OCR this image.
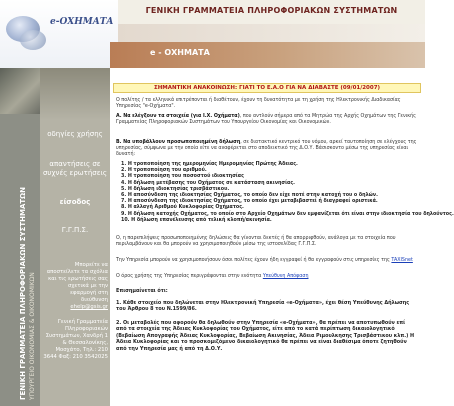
e-ΟΧΗΜΑΤΑ
ΓΕΝΙΚΗ ΓΡΑΜΜΑΤΕΙΑ ΠΛΗΡΟΦΟΡΙΑΚΩΝ ΣΥΣΤΗΜΑΤΩΝ
ΥΠΟΥΡΓΕΙΟ ΟΙΚΟΝΟΜΙΑΣ & ΟΙΚΟΝΟΜΙΚΩΝ
οδηγίες χρήσης
απαντήσεις σε συχνές ερωτήσεις
είσοδος
Γ.Γ.Π.Σ.
Μπορείτε να αποστείλετε τα σχόλια και τις ερωτήσεις σας σχετικά με την εφαρμογή στη διεύθυνση ehelp@gsis.gr
Γενική Γραμματεία Πληροφοριακών Συστημάτων, Χανδρή 1 & Θεσσαλονίκης, Μοσχάτο, Τηλ.: 210 3644 Φαξ: 210 3542025
e - ΟΧΗΜΑΤΑ
ΣΗΜΑΝΤΙΚΗ ΑΝΑΚΟΙΝΩΣΗ: ΓΙΑΤΙ ΤΟ Ε.Α.Ο ΓΙΑ ΝΑ ΔΙΑΒΑΣΤΕ (09/01/2007)
Ο πολίτης / τα ελληνικά επιτρέπονται ή διαθέτουν, έχουν τη δυνατότητα με τη χρήση της Ηλεκτρονικής Διαδικασίας Υπηρεσίας "e-Οχήματα".
Α. Να ελέγξουν τα στοιχεία (για Ι.Χ. Οχήματα), που αντλούν σήμερα από τα Μητρώα της Αρχής Οχημάτων της Γενικής Γραμματείας Πληροφοριακών Συστημάτων του Υπουργείου Οικονομίας και Οικονομικών.
Β. Να υποβάλλουν προσωποποιημένη δήλωση, σε διατακτικό κεντρικό του νόμου, αρκεί ταυτοποίηση σε ελέγχους της υπηρεσίας, σύμφωνα με την οποία είτε να αναφέρεται στο αποδεικτικό της Δ.Ο.Υ. Βάσισκοντο μέσω της υπηρεσίας είναι δυνατή:
1. Η τροποποίηση της ημερομηνίας Ημερομηνίας Πρώτης Άδειας.
2. Η τροποποίηση του αριθμού.
3. Η τροποποίηση του ποσοστού ιδιοκτησίας
4. Η δήλωση μετέβασης του Οχήματος σε κατάσταση ακινησίας.
5. Η δήλωση ιδιοκτησίας τρισβάστικου.
6. Η αποσύνδεση της ιδιοκτησίας Οχήματος, το οποίο δεν είχε ποτέ στην κατοχή του ο δηλών.
7. Η αποσύνδεση της ιδιοκτησίας Οχήματος, το οποίο έχει μεταβιβαστεί ή διαγραφεί οριστικά.
8. Η αλλαγή Αριθμού Κυκλοφορίας Οχήματος.
9. Η δήλωση κατοχής Οχήματος, το οποίο στο Αρχείο Οχημάτων δεν εμφανίζεται ότι είναι στην ιδιοκτησία του δηλούντος.
10. Η δήλωση επανέλευσης από τελική κλοπή/ακινησία.
Ο, η παρεπιλήψεις προσωποποιημένης δηλώσεις θα γίνονται δεκτές ή θα απορριφθούν, ανάλογα με τα στοιχεία που περιλαμβάνουν και θα μπορούν να χρησιμοποιηθούν μέσω της ιστοσελίδας Γ.Γ.Π.Σ.
Την Υπηρεσία μπορούν να χρησιμοποιήσουν όσοι πολίτες έχουν ήδη εγγραφεί ή θα εγγραφούν στις υπηρεσίες της TAXISnet
Ο όρος χρήσης της Υπηρεσίας περιγράφονται στην ενότητα Υπεύθυνη Απόφαση
Επισημαίνεται ότι:
1. Κάθε στοιχείο που δηλώνεται στην Ηλεκτρονική Υπηρεσία «e-Οχήματα», έχει θέση Υπεύθυνης Δήλωσης του Άρθρου 8 του Ν.1599/86.
2. Οι μεταβολές που αφορούν θα δηλωθούν στην Υπηρεσία «e-Οχήματα», θα πρέπει να αποτυπωθούν επί από τα στοιχεία της Άδειας Κυκλοφορίας του Οχήματος, είτε από το κατά περίπτωση δικαιολογητικό (Βεβαίωση Απογραφής Άδειας Κυκλοφορίας, Βεβαίωση Ακινησίας, Άδεια Ριμουλκησης Τρισβάστικου κλπ.) Η Άδεια Κυκλοφορίας και το προσκομιζόμενο δικαιολογητικό θα πρέπει να είναι διαθέσιμα όποτε ζητηθούν από την Υπηρεσία μας ή από τη Δ.Ο.Υ.
